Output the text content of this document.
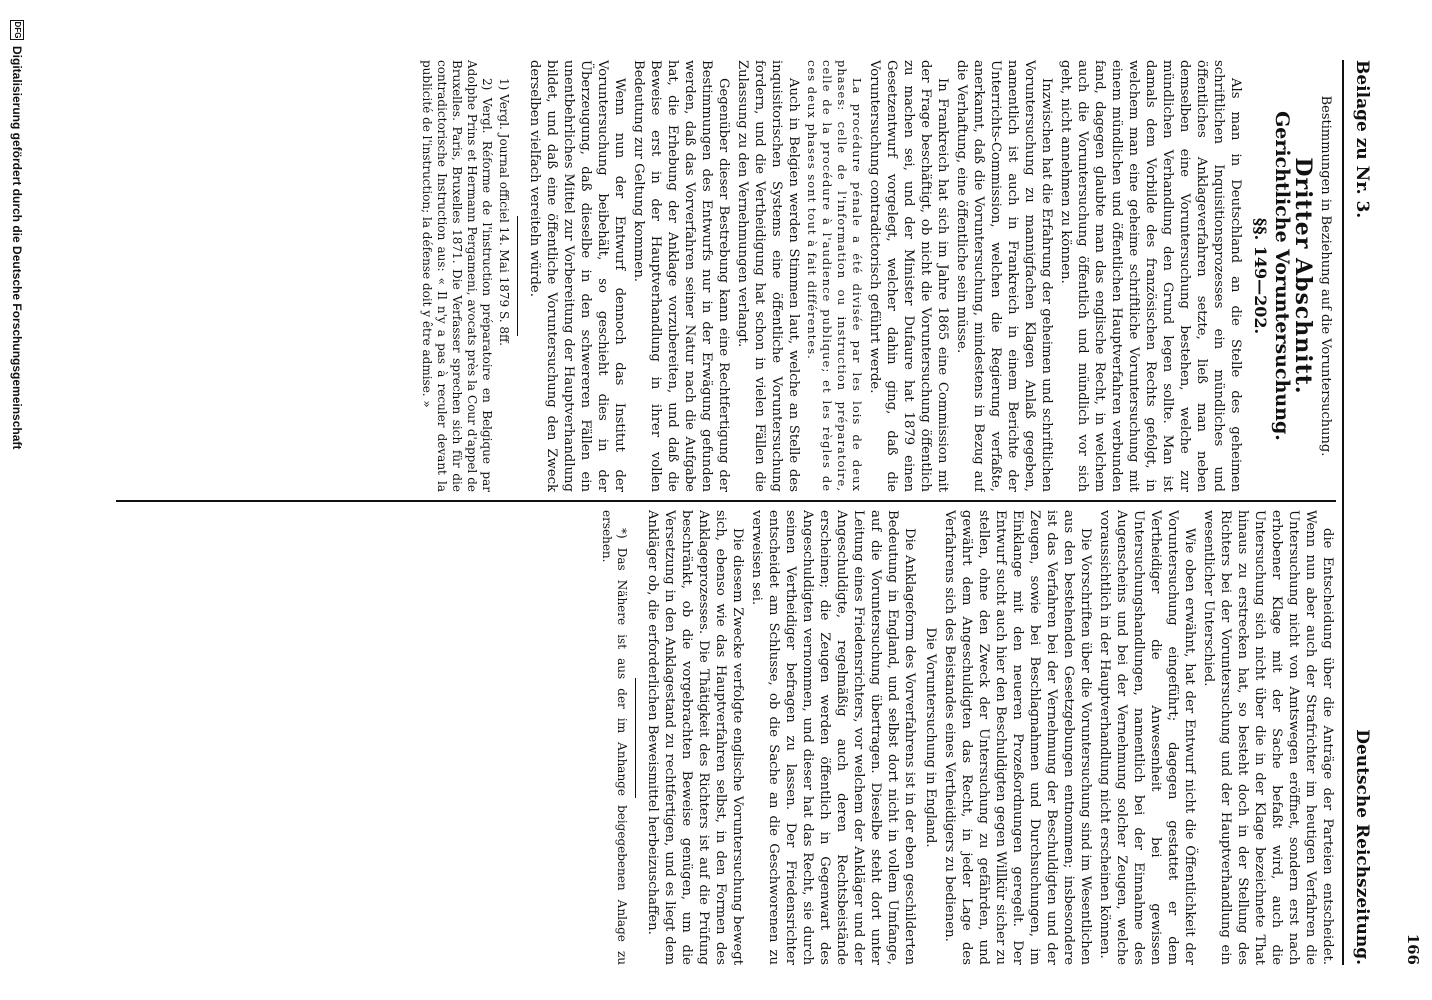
Beilage zu Nr. 3.
Deutsche Reichszeitung. 166
Bestimmungen in Beziehung auf die Voruntersuchung.
Dritter Abschnitt.
Gerichtliche Voruntersuchung.
§§. 149—202.

Als man in Deutschland an die Stelle des geheimen schriftlichen Inquisitionsprozesses ein mündliches und öffentliches Anklageverfahren setzte, ließ man neben demselben eine Voruntersuchung bestehen, welche zur mündlichen Verhandlung den Grund legen sollte. Man ist damals dem Vorbilde des französischen Rechts gefolgt, in welchem man eine geheime schriftliche Voruntersuchung mit einem mündlichen und öffentlichen Hauptverfahren verbunden fand, dagegen glaubte man das englische Recht, in welchem auch die Voruntersuchung öffentlich und mündlich vor sich geht, nicht annehmen zu können.

Inzwischen hat die Erfahrung der geheimen und schriftlichen Voruntersuchung zu mannigfachen Klagen Anlaß gegeben, namentlich ist auch in Frankreich in einem Berichte der Unterrichts-Commission, welchen die Regierung verfaßte, anerkannt, daß die Voruntersuchung, mindestens in Bezug auf die Verhaftung, eine öffentliche sein müsse.

In Frankreich hat sich im Jahre 1865 eine Commission mit der Frage beschäftigt, ob nicht die Voruntersuchung öffentlich zu machen sei, und der Minister Dufaure hat 1879 einen Gesetzentwurf vorgelegt, welcher dahin ging, daß die Voruntersuchung contradictorisch geführt werde.

La procédure pénale a été divisée par les lois de deux phases: celle de l'information ou instruction préparatoire, celle de la procédure à l'audience publique; et les règles de ces deux phases sont tout à fait différentes.

Auch in Belgien werden Stimmen laut, welche an Stelle des inquisitorischen Systems eine öffentliche Voruntersuchung fordern, und die Vertheidigung hat schon in vielen Fällen die Zulassung zu den Vernehmungen verlangt.

Gegenüber dieser Bestrebung kann eine Rechtfertigung der Bestimmungen des Entwurfs nur in der Erwägung gefunden werden, daß das Vorverfahren seiner Natur nach die Aufgabe hat, die Erhebung der Anklage vorzubereiten, und daß die Beweise erst in der Hauptverhandlung in ihrer vollen Bedeutung zur Geltung kommen.

Wenn nun der Entwurf dennoch das Institut der Voruntersuchung beibehält, so geschieht dies in der Überzeugung, daß dieselbe in den schwereren Fällen ein unentbehrliches Mittel zur Vorbereitung der Hauptverhandlung bildet, und daß eine öffentliche Voruntersuchung den Zweck derselben vielfach vereiteln würde.

1) Vergl. Journal officiel 14. Mai 1879 S. 8ff.

2) Vergl. Réforme de l'instruction préparatoire en Belgique par Adolphe Prins et Hermann Pergameni, avocats près la Cour d'appel de Bruxelles. Paris, Bruxelles 1871. Die Verfasser sprechen sich für die contradictorische Instruction aus: « Il n'y a pas à reculer devant la publicité de l'instruction; la défense doit y être admise. »

die Entscheidung über die Anträge der Parteien entscheidet. Wenn nun aber auch der Strafrichter im heutigen Verfahren die Untersuchung nicht von Amtswegen eröffnet, sondern erst nach erhobener Klage mit der Sache befaßt wird, auch die Untersuchung sich nicht über die in der Klage bezeichnete That hinaus zu erstrecken hat, so besteht doch in der Stellung des Richters bei der Voruntersuchung und der Hauptverhandlung ein wesentlicher Unterschied.

Wie oben erwähnt, hat der Entwurf nicht die Öffentlichkeit der Voruntersuchung eingeführt; dagegen gestattet er dem Vertheidiger die Anwesenheit bei gewissen Untersuchungshandlungen, namentlich bei der Einnahme des Augenscheins und bei der Vernehmung solcher Zeugen, welche voraussichtlich in der Hauptverhandlung nicht erscheinen können.

Die Vorschriften über die Voruntersuchung sind im Wesentlichen aus den bestehenden Gesetzgebungen entnommen; insbesondere ist das Verfahren bei der Vernehmung der Beschuldigten und der Zeugen, sowie bei Beschlagnahmen und Durchsuchungen, im Einklange mit den neueren Prozeßordnungen geregelt. Der Entwurf sucht auch hier den Beschuldigten gegen Willkür sicher zu stellen, ohne den Zweck der Untersuchung zu gefährden, und gewährt dem Angeschuldigten das Recht, in jeder Lage des Verfahrens sich des Beistandes eines Vertheidigers zu bedienen.

Die Voruntersuchung in England.

Die Anklageform des Vorverfahrens ist in der eben geschilderten Bedeutung in England, und selbst dort nicht in vollem Umfange, auf die Voruntersuchung übertragen. Dieselbe steht dort unter Leitung eines Friedensrichters, vor welchem der Ankläger und der Angeschuldigte, regelmäßig auch deren Rechtsbeistände erscheinen; die Zeugen werden öffentlich in Gegenwart des Angeschuldigten vernommen, und dieser hat das Recht, sie durch seinen Vertheidiger befragen zu lassen. Der Friedensrichter entscheidet am Schlusse, ob die Sache an die Geschworenen zu verweisen sei.

Die diesem Zwecke verfolgte englische Voruntersuchung bewegt sich, ebenso wie das Hauptverfahren selbst, in den Formen des Anklageprozesses. Die Thätigkeit des Richters ist auf die Prüfung beschränkt, ob die vorgebrachten Beweise genügen, um die Versetzung in den Anklagestand zu rechtfertigen, und es liegt dem Ankläger ob, die erforderlichen Beweismittel herbeizuschaffen.

*) Das Nähere ist aus der im Anhange beigegebenen Anlage zu ersehen.

DFG
Digitalisierung gefördert durch die Deutsche Forschungsgemeinschaft
